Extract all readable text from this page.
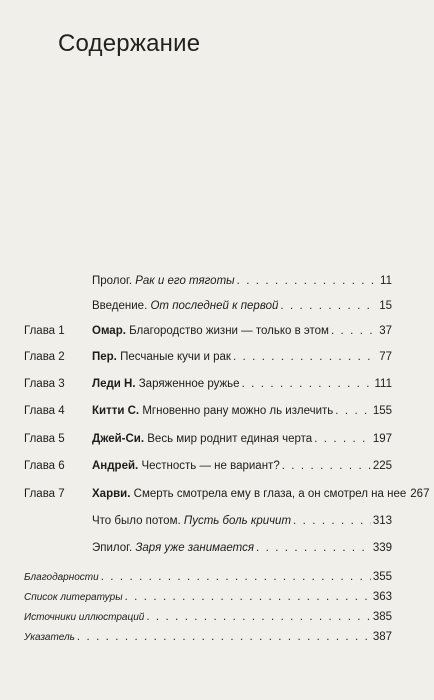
Содержание
Пролог. Рак и его тяготы . . .	11
Введение. От последней к первой . . .	15
Глава 1 Омар. Благородство жизни — только в этом . . .	37
Глава 2 Пер. Песчаные кучи и рак . . .	77
Глава 3 Леди Н. Заряженное ружье . . .	111
Глава 4 Китти С. Мгновенно рану можно ль излечить . . .	155
Глава 5 Джей-Си. Весь мир роднит единая черта . . .	197
Глава 6 Андрей. Честность — не вариант? . . .	225
Глава 7 Харви. Смерть смотрела ему в глаза, а он смотрел на нее 267
Что было потом. Пусть боль кричит . . .	313
Эпилог. Заря уже занимается . . .	339
Благодарности . . .	355
Список литературы . . .	363
Источники иллюстраций . . .	385
Указатель . . .	387
